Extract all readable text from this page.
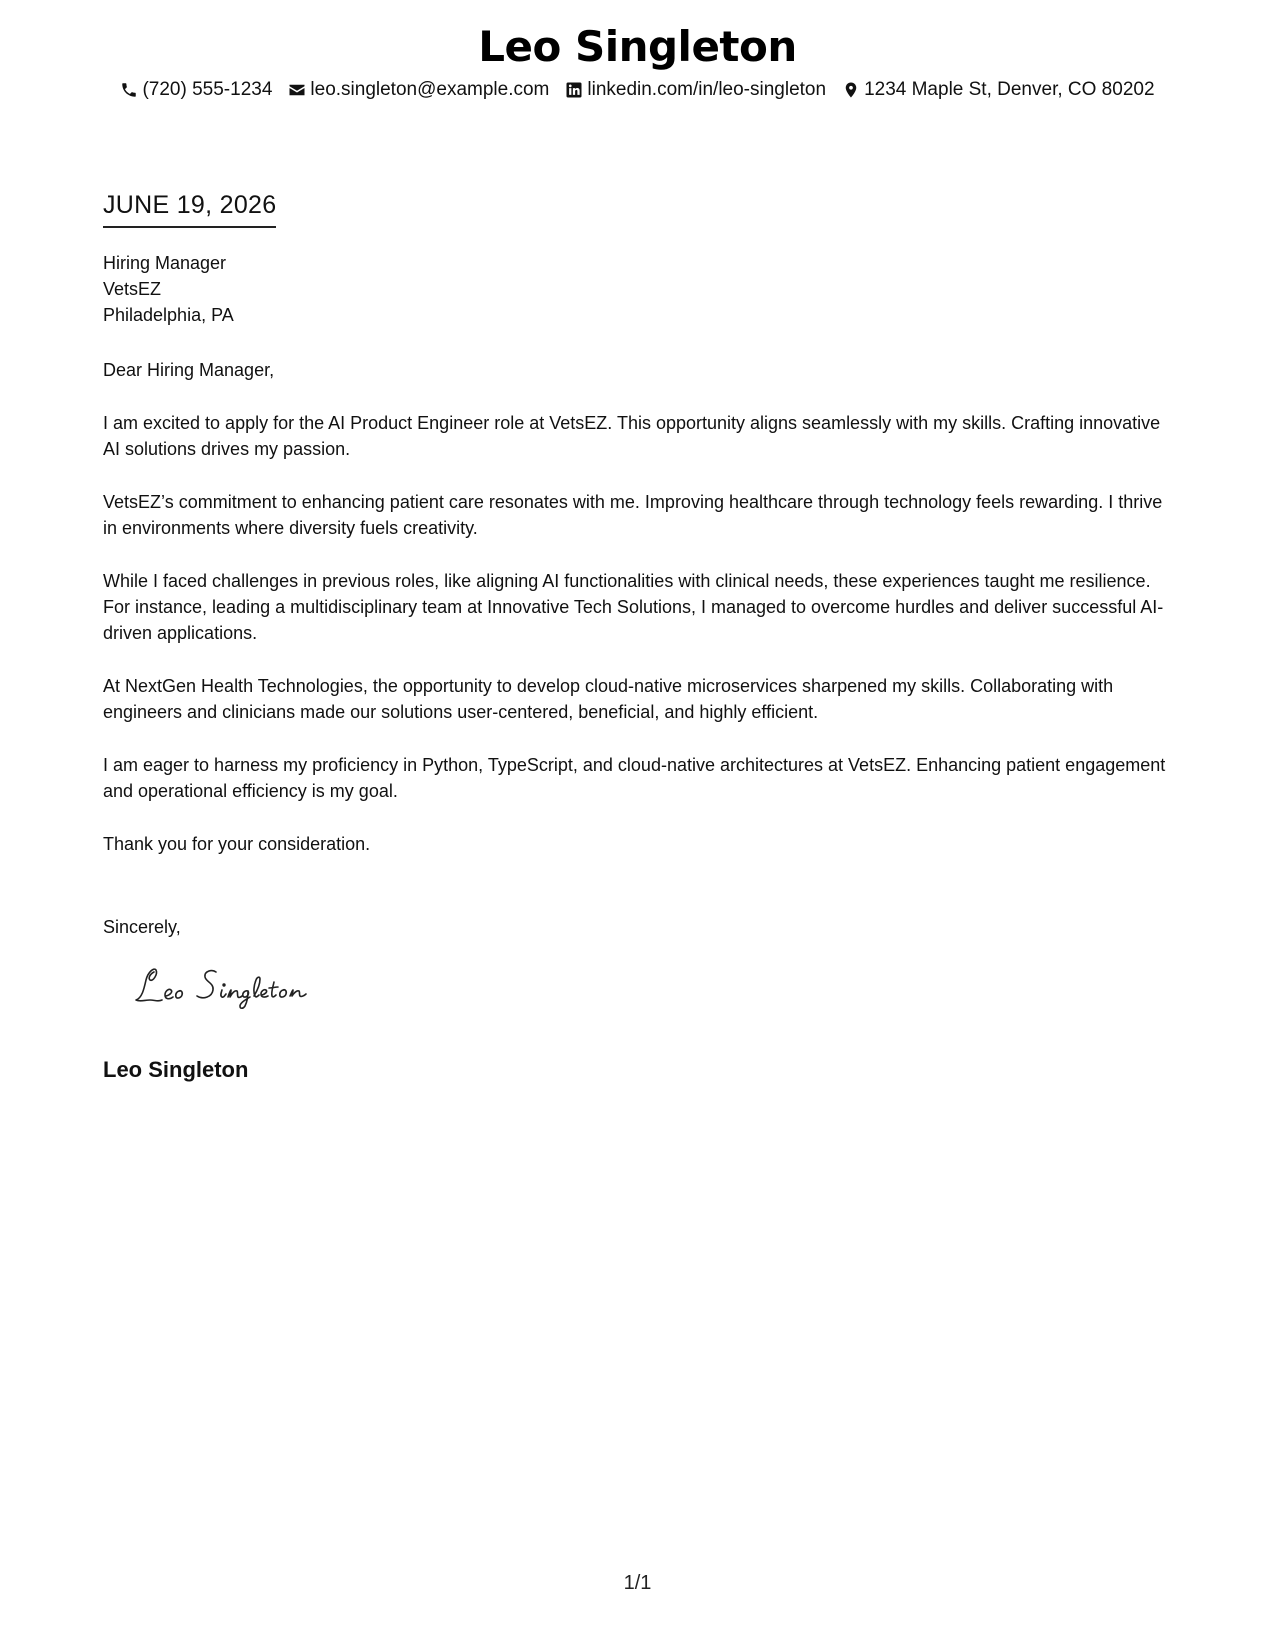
Leo Singleton
(720) 555-1234 leo.singleton@example.com linkedin.com/in/leo-singleton 1234 Maple St, Denver, CO 80202
JUNE 19, 2026
Hiring Manager
VetsEZ
Philadelphia, PA

Dear Hiring Manager,

I am excited to apply for the AI Product Engineer role at VetsEZ. This opportunity aligns seamlessly with my skills. Crafting innovative AI solutions drives my passion.

VetsEZ’s commitment to enhancing patient care resonates with me. Improving healthcare through technology feels rewarding. I thrive in environments where diversity fuels creativity.

While I faced challenges in previous roles, like aligning AI functionalities with clinical needs, these experiences taught me resilience. For instance, leading a multidisciplinary team at Innovative Tech Solutions, I managed to overcome hurdles and deliver successful AI-driven applications.

At NextGen Health Technologies, the opportunity to develop cloud-native microservices sharpened my skills. Collaborating with engineers and clinicians made our solutions user-centered, beneficial, and highly efficient.

I am eager to harness my proficiency in Python, TypeScript, and cloud-native architectures at VetsEZ. Enhancing patient engagement and operational efficiency is my goal.

Thank you for your consideration.

Sincerely,
Leo Singleton
1/1
